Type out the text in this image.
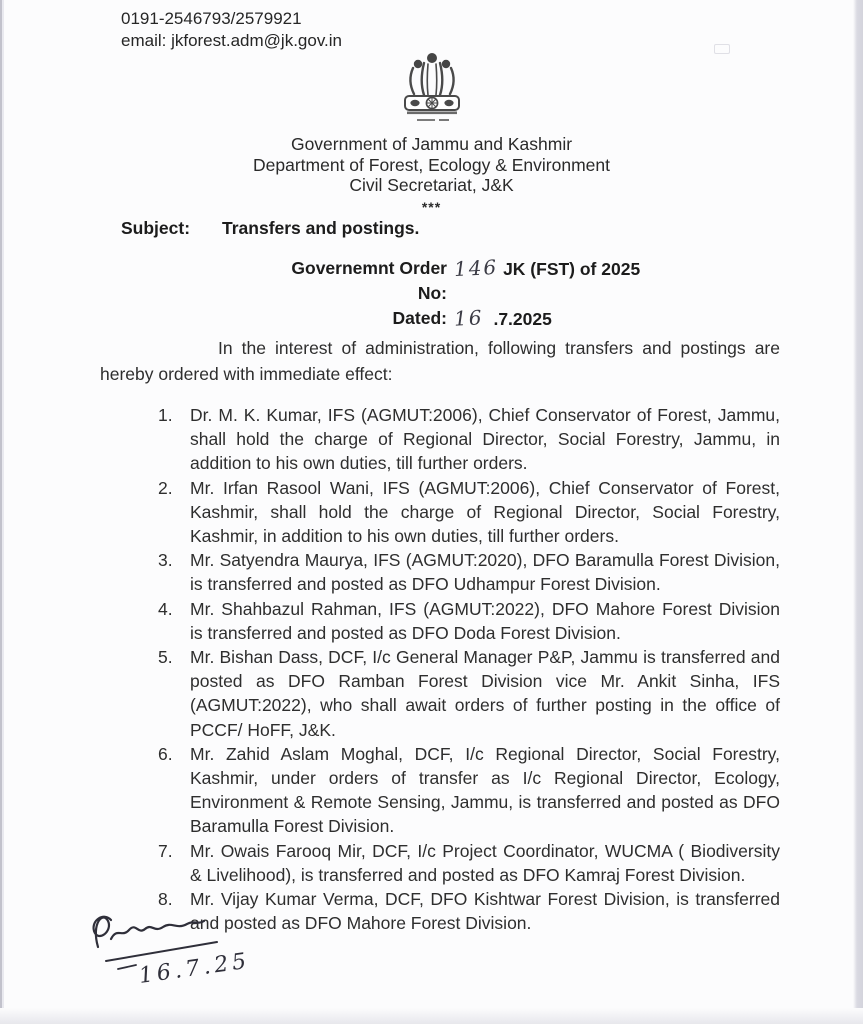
0191-2546793/2579921
email: jkforest.adm@jk.gov.in
Government of Jammu and Kashmir
Department of Forest, Ecology & Environment
Civil Secretariat, J&K
***
Subject: Transfers and postings.
Governemnt Order No:
146 JK (FST) of 2025
Dated: 16 .7.2025
In the interest of administration, following transfers and postings are hereby ordered with immediate effect:
1. Dr. M. K. Kumar, IFS (AGMUT:2006), Chief Conservator of Forest, Jammu, shall hold the charge of Regional Director, Social Forestry, Jammu, in addition to his own duties, till further orders.
2. Mr. Irfan Rasool Wani, IFS (AGMUT:2006), Chief Conservator of Forest, Kashmir, shall hold the charge of Regional Director, Social Forestry, Kashmir, in addition to his own duties, till further orders.
3. Mr. Satyendra Maurya, IFS (AGMUT:2020), DFO Baramulla Forest Division, is transferred and posted as DFO Udhampur Forest Division.
4. Mr. Shahbazul Rahman, IFS (AGMUT:2022), DFO Mahore Forest Division is transferred and posted as DFO Doda Forest Division.
5. Mr. Bishan Dass, DCF, I/c General Manager P&P, Jammu is transferred and posted as DFO Ramban Forest Division vice Mr. Ankit Sinha, IFS (AGMUT:2022), who shall await orders of further posting in the office of PCCF/ HoFF, J&K.
6. Mr. Zahid Aslam Moghal, DCF, I/c Regional Director, Social Forestry, Kashmir, under orders of transfer as I/c Regional Director, Ecology, Environment & Remote Sensing, Jammu, is transferred and posted as DFO Baramulla Forest Division.
7. Mr. Owais Farooq Mir, DCF, I/c Project Coordinator, WUCMA ( Biodiversity & Livelihood), is transferred and posted as DFO Kamraj Forest Division.
8. Mr. Vijay Kumar Verma, DCF, DFO Kishtwar Forest Division, is transferred and posted as DFO Mahore Forest Division.
16.7.25
